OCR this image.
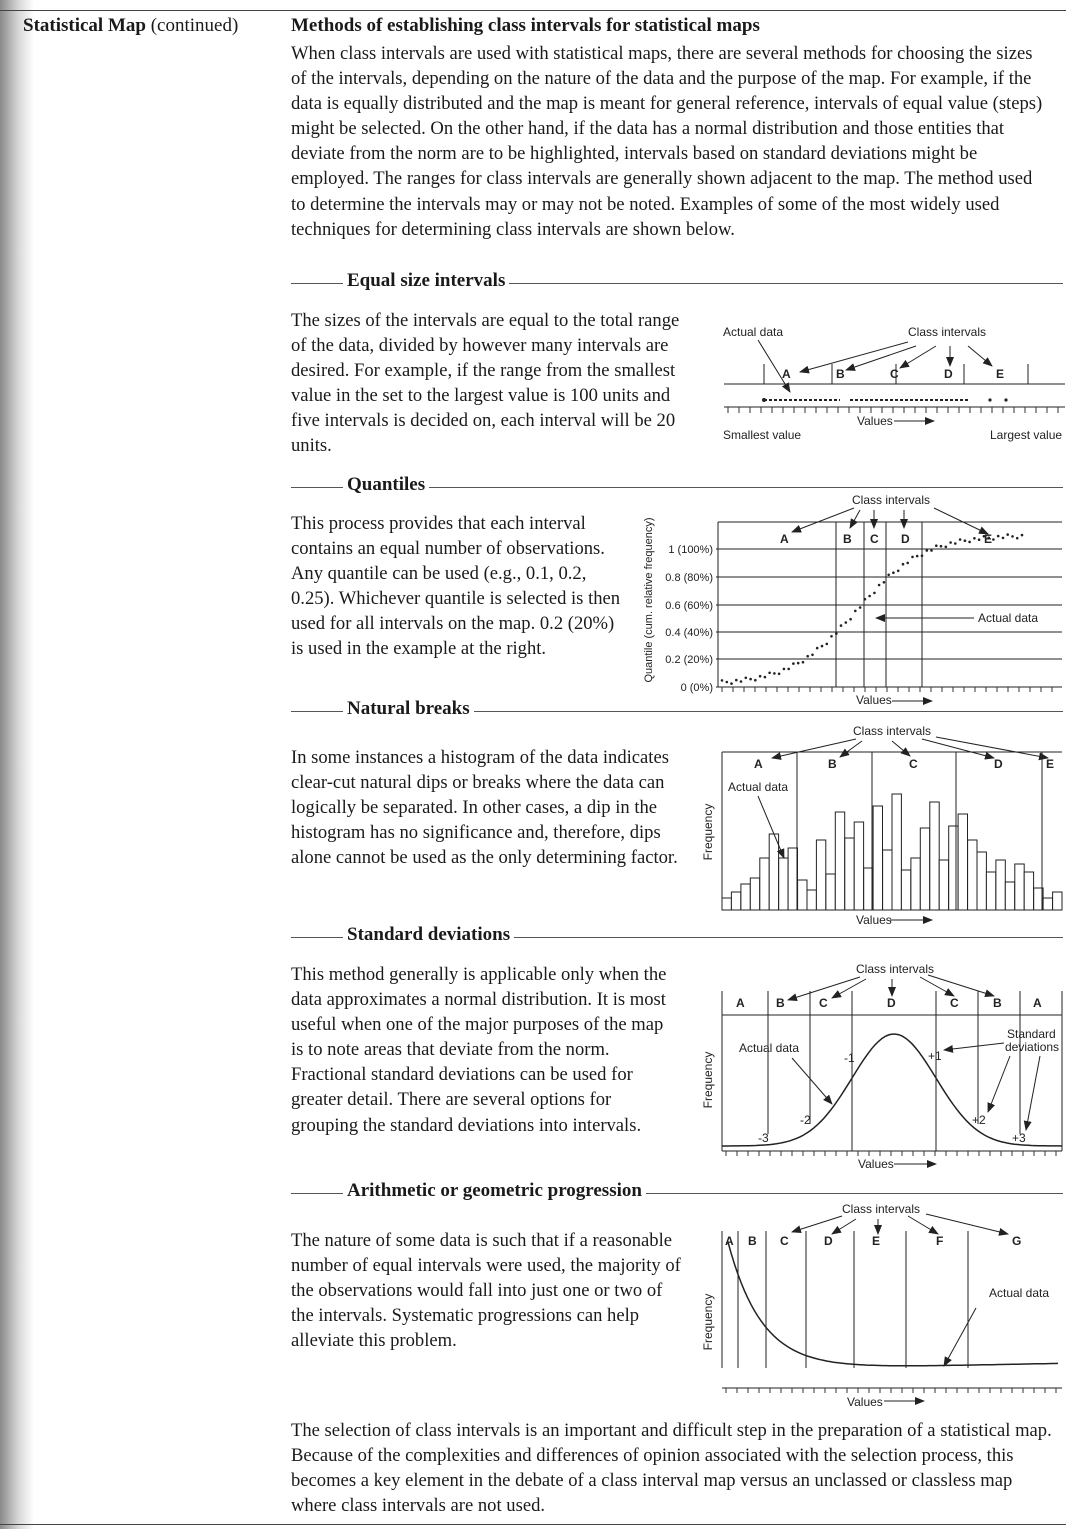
Statistical Map (continued)	Methods of establishing class intervals for statistical maps
When class intervals are used with statistical maps, there are several methods for choosing the sizes of the intervals, depending on the nature of the data and the purpose of the map. For example, if the data is equally distributed and the map is meant for general reference, intervals of equal value (steps) might be selected. On the other hand, if the data has a normal distribution and those entities that deviate from the norm are to be highlighted, intervals based on standard deviations might be employed. The ranges for class intervals are generally shown adjacent to the map. The method used to determine the intervals may or may not be noted. Examples of some of the most widely used techniques for determining class intervals are shown below.
Equal size intervals
The sizes of the intervals are equal to the total range of the data, divided by however many intervals are desired. For example, if the range from the smallest value in the set to the largest value is 100 units and five intervals is decided on, each interval will be 20 units.
Actual data	Class intervals
A	B	C	D	E
Values
Smallest value	Largest value
Quantiles
This process provides that each interval contains an equal number of observations. Any quantile can be used (e.g., 0.1, 0.2, 0.25). Whichever quantile is selected is then used for all intervals on the map. 0.2 (20%) is used in the example at the right.	Quantile (cum. relative frequency) 1 (100%)
0.8 (80%)
0.6 (60%)
0.4 (40%)
0.2 (20%)
0 (0%)
A	B C D	E
Class intervals
Actual data
Values
Natural breaks
In some instances a histogram of the data indicates clear-cut natural dips or breaks where the data can logically be separated. In other cases, a dip in the histogram has no significance and, therefore, dips alone cannot be used as the only determining factor. Frequency
A	B	C	D	E
Actual data
Class intervals
Values
Standard deviations
This method generally is applicable only when the data approximates a normal distribution. It is most useful when one of the major purposes of the map is to note areas that deviate from the norm. Fractional standard deviations can be used for greater detail. There are several options for grouping the standard deviations into intervals.
Frequency
A	B	C	D	C	B	A
Class intervals
Actual data
Standard
deviations
-3
-2
-1	+1
+2
+3
Values
Arithmetic or geometric progression
The nature of some data is such that if a reasonable number of equal intervals were used, the majority of the observations would fall into just one or two of the intervals. Systematic progressions can help alleviate this problem.	Frequency
A B C	D	E	F	G
Class intervals
Actual data
Values
The selection of class intervals is an important and difficult step in the preparation of a statistical map. Because of the complexities and differences of opinion associated with the selection process, this becomes a key element in the debate of a class interval map versus an unclassed or classless map where class intervals are not used.
